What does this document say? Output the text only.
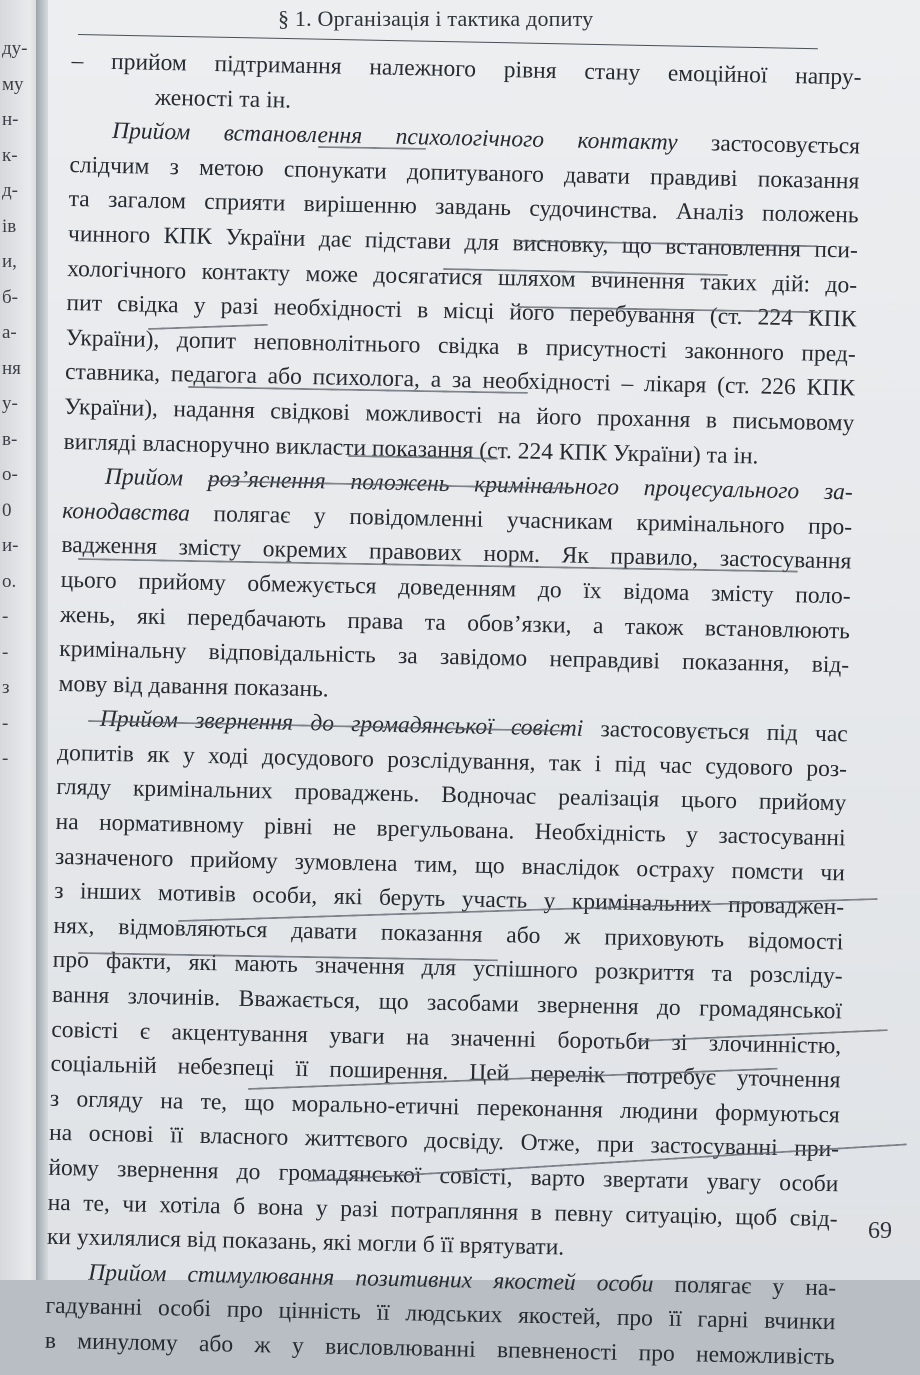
ду-
му
н-
к-
д-
ів
и,
б-
а-
ня
у-
в-
о-
0
и-
о.
-
-
з
-
-
§ 1. Організація і тактика допиту
– прийом підтримання належного рівня стану емоційної напру-
женості та ін.
Прийом встановлення психологічного контакту застосовується
слідчим з метою спонукати допитуваного давати правдиві показання
та загалом сприяти вирішенню завдань судочинства. Аналіз положень
чинного КПК України дає підстави для висновку, що встановлення пси-
хологічного контакту може досягатися шляхом вчинення таких дій: до-
пит свідка у разі необхідності в місці його перебування (ст. 224 КПК
України), допит неповнолітнього свідка в присутності законного пред-
ставника, педагога або психолога, а за необхідності – лікаря (ст. 226 КПК
України), надання свідкові можливості на його прохання в письмовому
вигляді власноручно викласти показання (ст. 224 КПК України) та ін.
Прийом роз’яснення положень кримінального процесуального за-
конодавства полягає у повідомленні учасникам кримінального про-
вадження змісту окремих правових норм. Як правило, застосування
цього прийому обмежується доведенням до їх відома змісту поло-
жень, які передбачають права та обов’язки, а також встановлюють
кримінальну відповідальність за завідомо неправдиві показання, від-
мову від давання показань.
Прийом звернення до громадянської совісті застосовується під час
допитів як у ході досудового розслідування, так і під час судового роз-
гляду кримінальних проваджень. Водночас реалізація цього прийому
на нормативному рівні не врегульована. Необхідність у застосуванні
зазначеного прийому зумовлена тим, що внаслідок остраху помсти чи
з інших мотивів особи, які беруть участь у кримінальних проваджен-
нях, відмовляються давати показання або ж приховують відомості
про факти, які мають значення для успішного розкриття та розсліду-
вання злочинів. Вважається, що засобами звернення до громадянської
совісті є акцентування уваги на значенні боротьби зі злочинністю,
соціальній небезпеці її поширення. Цей перелік потребує уточнення
з огляду на те, що морально-етичні переконання людини формуються
на основі її власного життєвого досвіду. Отже, при застосуванні при-
йому звернення до громадянської совісті, варто звертати увагу особи
на те, чи хотіла б вона у разі потрапляння в певну ситуацію, щоб свід-
ки ухилялися від показань, які могли б її врятувати.
Прийом стимулювання позитивних якостей особи полягає у на-
гадуванні особі про цінність її людських якостей, про її гарні вчинки
в минулому або ж у висловлюванні впевненості про неможливість
69
